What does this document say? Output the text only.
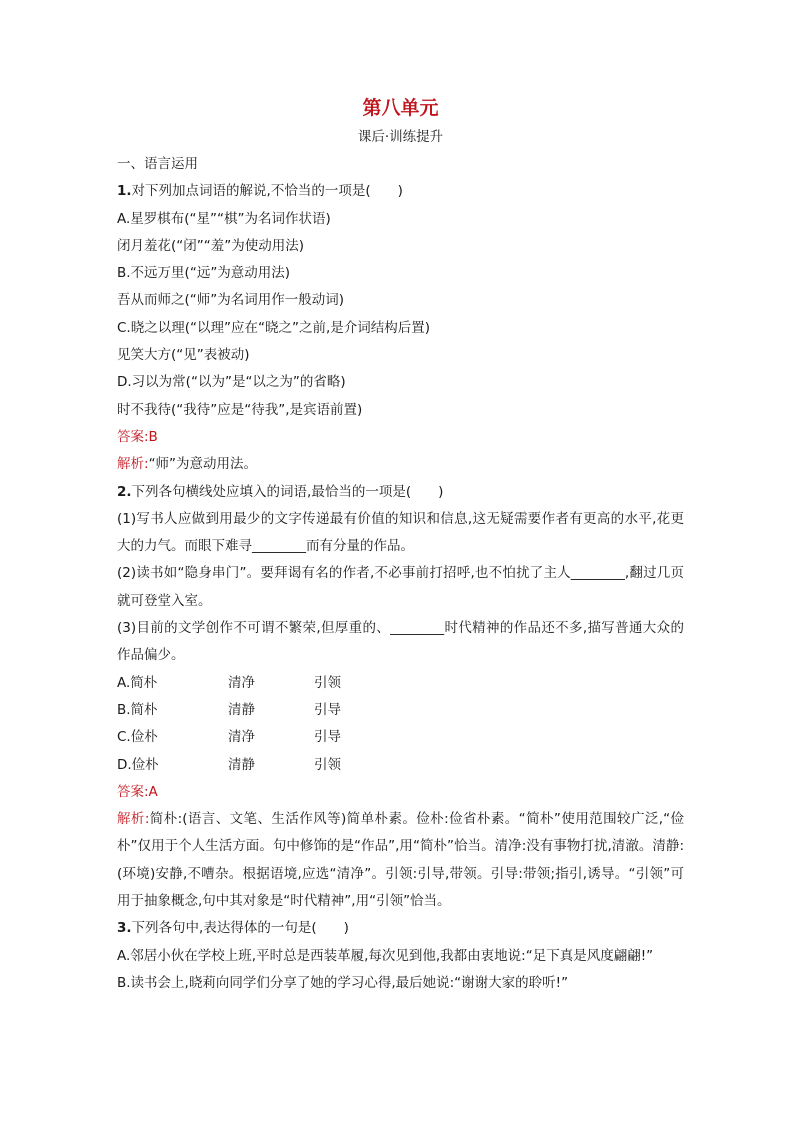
第八单元
课后·训练提升
一、语言运用
1.对下列加点词语的解说,不恰当的一项是(　　)
A.星罗棋布(“星”“棋”为名词作状语)
闭月羞花(“闭”“羞”为使动用法)
B.不远万里(“远”为意动用法)
吾从而师之(“师”为名词用作一般动词)
C.晓之以理(“以理”应在“晓之”之前,是介词结构后置)
见笑大方(“见”表被动)
D.习以为常(“以为”是“以之为”的省略)
时不我待(“我待”应是“待我”,是宾语前置)
答案:B
解析:“师”为意动用法。
2.下列各句横线处应填入的词语,最恰当的一项是(　　)
(1)写书人应做到用最少的文字传递最有价值的知识和信息,这无疑需要作者有更高的水平,花更大的力气。而眼下难寻________而有分量的作品。
(2)读书如“隐身串门”。要拜谒有名的作者,不必事前打招呼,也不怕扰了主人________,翻过几页就可登堂入室。
(3)目前的文学创作不可谓不繁荣,但厚重的、________时代精神的作品还不多,描写普通大众的作品偏少。
A.简朴	清净	引领
B.简朴	清静	引导
C.俭朴	清净	引导
D.俭朴	清静	引领
答案:A
解析:简朴:(语言、文笔、生活作风等)简单朴素。俭朴:俭省朴素。“简朴”使用范围较广泛,“俭朴”仅用于个人生活方面。句中修饰的是“作品”,用“简朴”恰当。清净:没有事物打扰,清澈。清静:(环境)安静,不嘈杂。根据语境,应选“清净”。引领:引导,带领。引导:带领;指引,诱导。“引领”可用于抽象概念,句中其对象是“时代精神”,用“引领”恰当。
3.下列各句中,表达得体的一句是(　　)
A.邻居小伙在学校上班,平时总是西装革履,每次见到他,我都由衷地说:“足下真是风度翩翩!”
B.读书会上,晓莉向同学们分享了她的学习心得,最后她说:“谢谢大家的聆听!”
